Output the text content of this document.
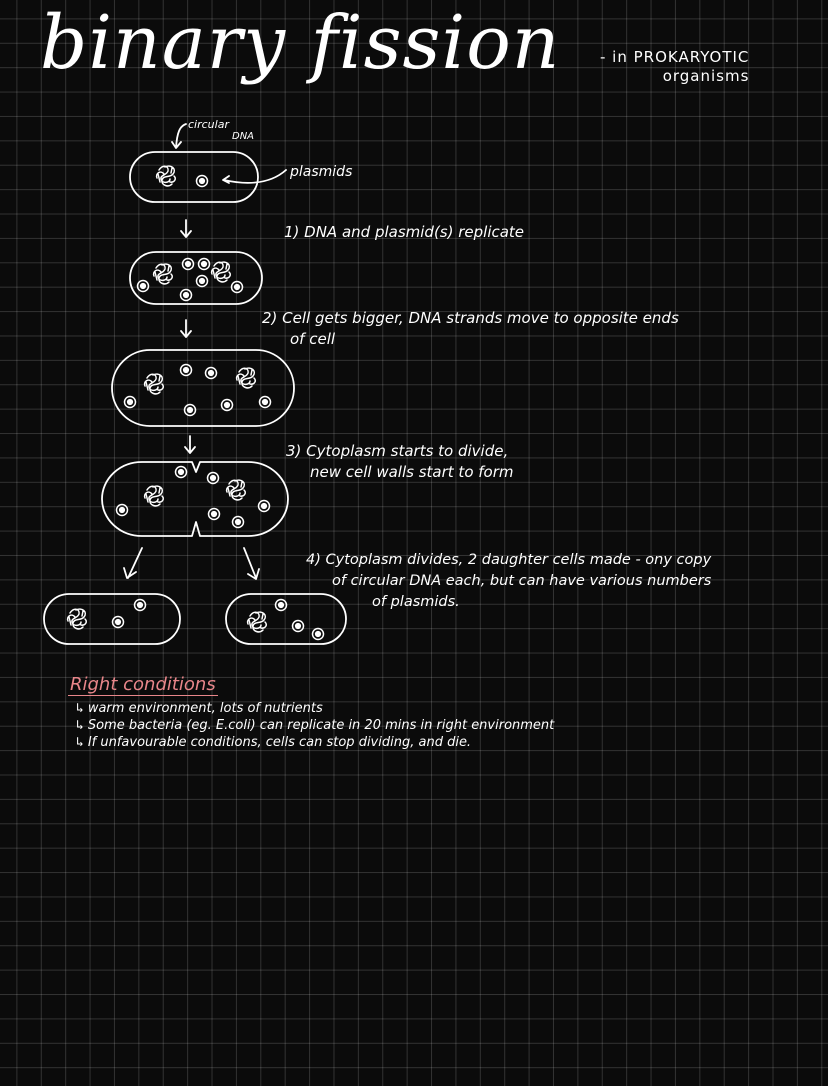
binary fission	- in PROKARYOTIC
organisms
circular
DNA
plasmids
1) DNA and plasmid(s) replicate
2) Cell gets bigger, DNA strands move to opposite ends
of cell
3) Cytoplasm starts to divide,
new cell walls start to form
4) Cytoplasm divides, 2 daughter cells made - ony copy
of circular DNA each, but can have various numbers
of plasmids.
Right conditions
↳ warm environment, lots of nutrients
↳ Some bacteria (eg. E.coli) can replicate in 20 mins in right environment
↳ If unfavourable conditions, cells can stop dividing, and die.
